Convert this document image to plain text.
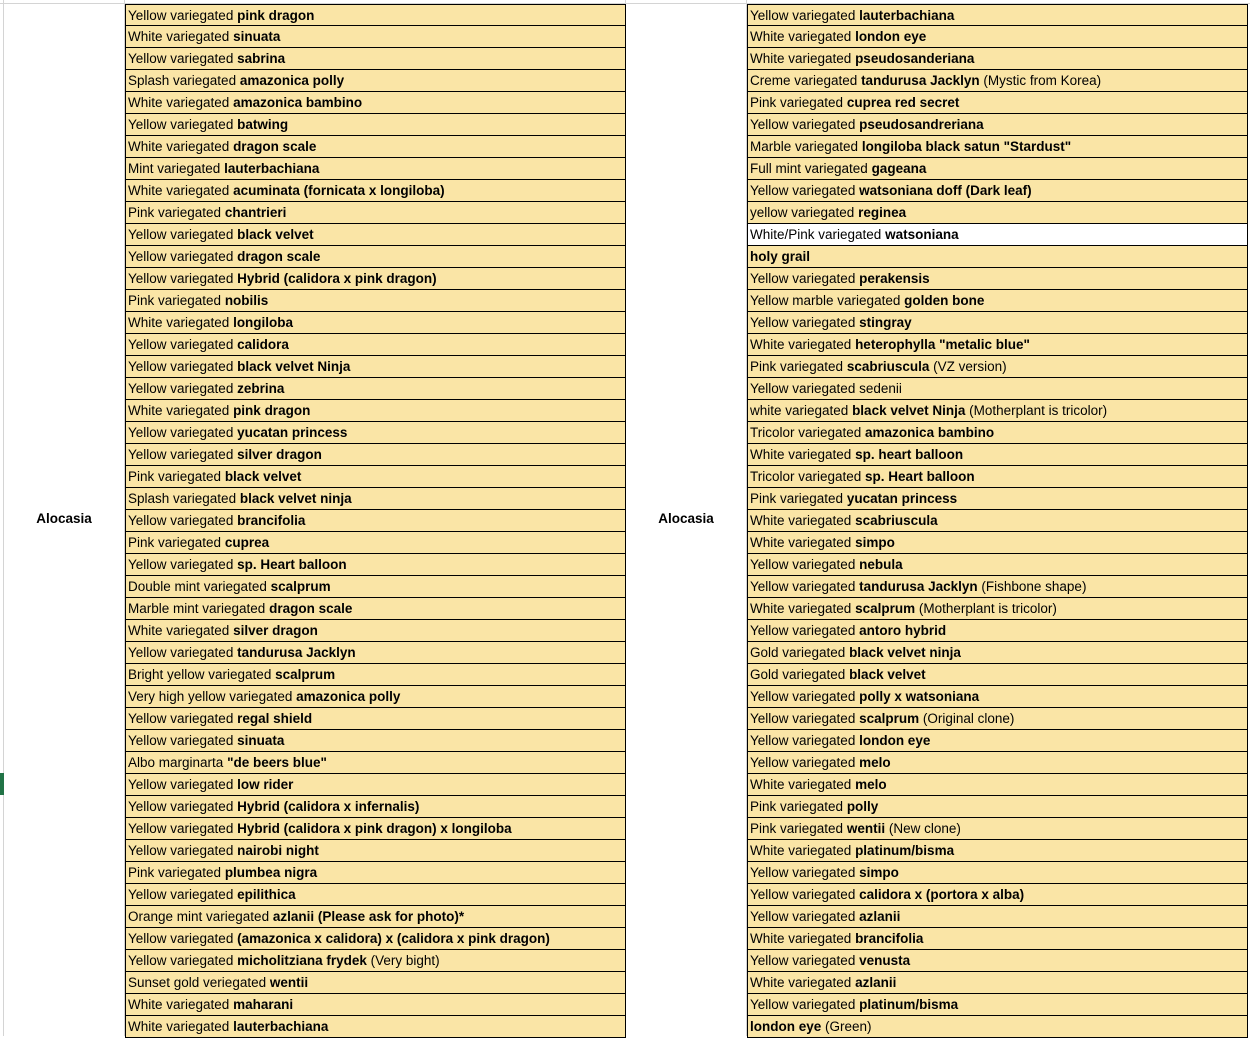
Alocasia	Alocasia
Yellow variegated pink dragon
White variegated sinuata
Yellow variegated sabrina
Splash variegated amazonica polly
White variegated amazonica bambino
Yellow variegated batwing
White variegated dragon scale
Mint variegated lauterbachiana
White variegated acuminata (fornicata x longiloba)
Pink variegated chantrieri
Yellow variegated black velvet
Yellow variegated dragon scale
Yellow variegated Hybrid (calidora x pink dragon)
Pink variegated nobilis
White variegated longiloba
Yellow variegated calidora
Yellow variegated black velvet Ninja
Yellow variegated zebrina
White variegated pink dragon
Yellow variegated yucatan princess
Yellow variegated silver dragon
Pink variegated black velvet
Splash variegated black velvet ninja
Yellow variegated brancifolia
Pink variegated cuprea
Yellow variegated sp. Heart balloon
Double mint variegated scalprum
Marble mint variegated dragon scale
White variegated silver dragon
Yellow variegated tandurusa Jacklyn
Bright yellow variegated scalprum
Very high yellow variegated amazonica polly
Yellow variegated regal shield
Yellow variegated sinuata
Albo marginarta "de beers blue"
Yellow variegated low rider
Yellow variegated Hybrid (calidora x infernalis)
Yellow variegated Hybrid (calidora x pink dragon) x longiloba
Yellow variegated nairobi night
Pink variegated plumbea nigra
Yellow variegated epilithica
Orange mint variegated azlanii (Please ask for photo)*
Yellow variegated (amazonica x calidora) x (calidora x pink dragon)
Yellow variegated micholitziana frydek (Very bight)
Sunset gold veriegated wentii
White variegated maharani
White variegated lauterbachiana
Yellow variegated lauterbachiana
White variegated london eye
White variegated pseudosanderiana
Creme variegated tandurusa Jacklyn (Mystic from Korea)
Pink variegated cuprea red secret
Yellow variegated pseudosandreriana
Marble variegated longiloba black satun "Stardust"
Full mint variegated gageana
Yellow variegated watsoniana doff (Dark leaf)
yellow variegated reginea
White/Pink variegated watsoniana
holy grail
Yellow variegated perakensis
Yellow marble variegated golden bone
Yellow variegated stingray
White variegated heterophylla "metalic blue"
Pink variegated scabriuscula (VZ version)
Yellow variegated sedenii
white variegated black velvet Ninja (Motherplant is tricolor)
Tricolor variegated amazonica bambino
White variegated sp. heart balloon
Tricolor variegated sp. Heart balloon
Pink variegated yucatan princess
White variegated scabriuscula
White variegated simpo
Yellow variegated nebula
Yellow variegated tandurusa Jacklyn (Fishbone shape)
White variegated scalprum (Motherplant is tricolor)
Yellow variegated antoro hybrid
Gold variegated black velvet ninja
Gold variegated black velvet
Yellow variegated polly x watsoniana
Yellow variegated scalprum (Original clone)
Yellow variegated london eye
Yellow variegated melo
White variegated melo
Pink variegated polly
Pink variegated wentii (New clone)
White variegated platinum/bisma
Yellow variegated simpo
Yellow variegated calidora x (portora x alba)
Yellow variegated azlanii
White variegated brancifolia
Yellow variegated venusta
White variegated azlanii
Yellow variegated platinum/bisma
london eye (Green)
